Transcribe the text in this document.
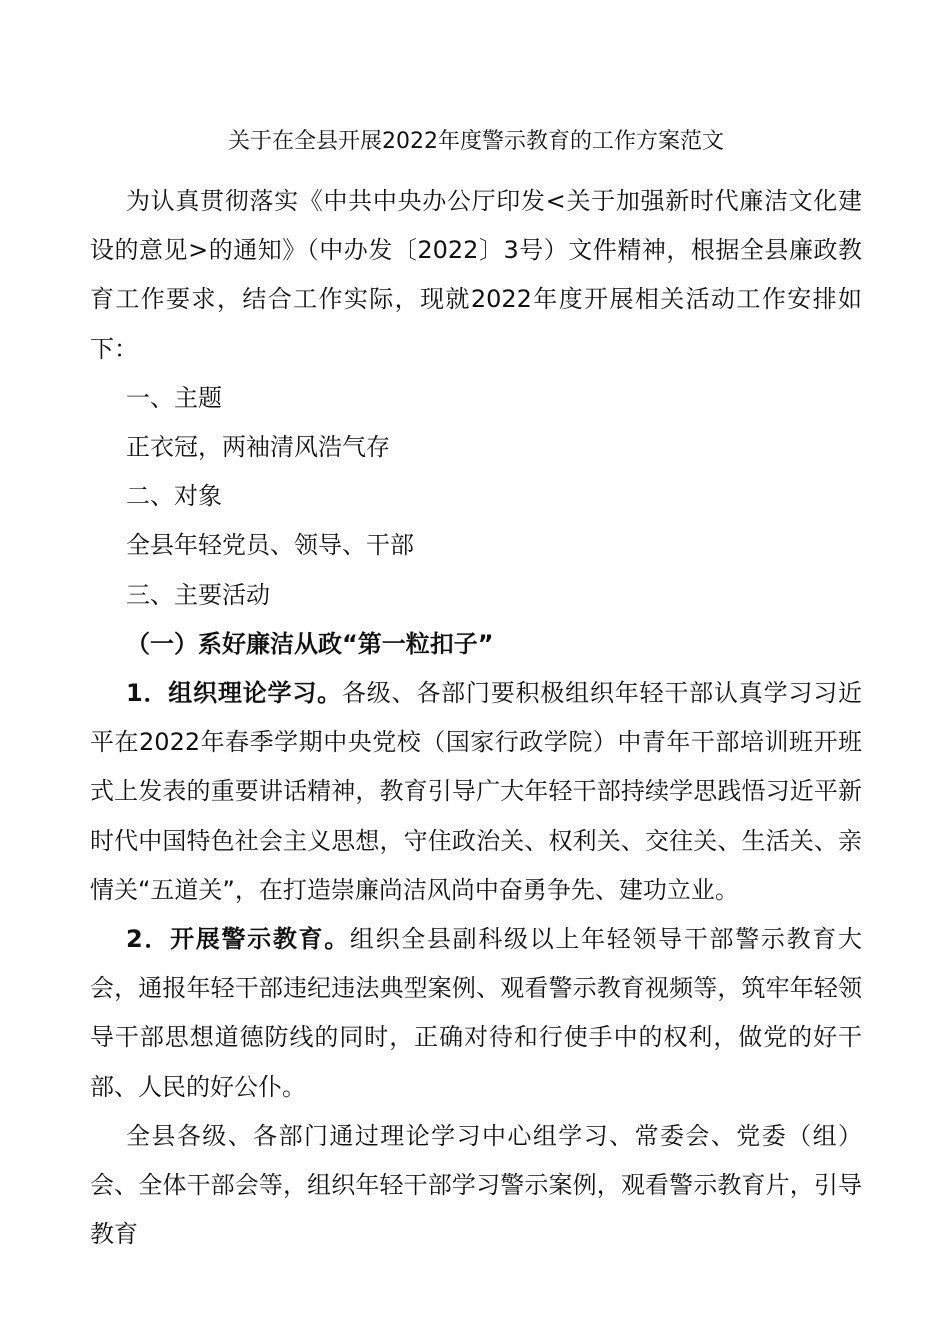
关于在全县开展2022年度警示教育的工作方案范文

为认真贯彻落实《中共中央办公厅印发<关于加强新时代廉洁文化建设的意见>的通知》（中办发〔2022〕3号）文件精神，根据全县廉政教育工作要求，结合工作实际，现就2022年度开展相关活动工作安排如下：

一、主题

正衣冠，两袖清风浩气存

二、对象

全县年轻党员、领导、干部

三、主要活动

（一）系好廉洁从政“第一粒扣子”

1．组织理论学习。各级、各部门要积极组织年轻干部认真学习习近平在2022年春季学期中央党校（国家行政学院）中青年干部培训班开班式上发表的重要讲话精神，教育引导广大年轻干部持续学思践悟习近平新时代中国特色社会主义思想，守住政治关、权利关、交往关、生活关、亲情关“五道关”，在打造崇廉尚洁风尚中奋勇争先、建功立业。

2．开展警示教育。组织全县副科级以上年轻领导干部警示教育大会，通报年轻干部违纪违法典型案例、观看警示教育视频等，筑牢年轻领导干部思想道德防线的同时，正确对待和行使手中的权利，做党的好干部、人民的好公仆。

全县各级、各部门通过理论学习中心组学习、常委会、党委（组）会、全体干部会等，组织年轻干部学习警示案例，观看警示教育片，引导教育
